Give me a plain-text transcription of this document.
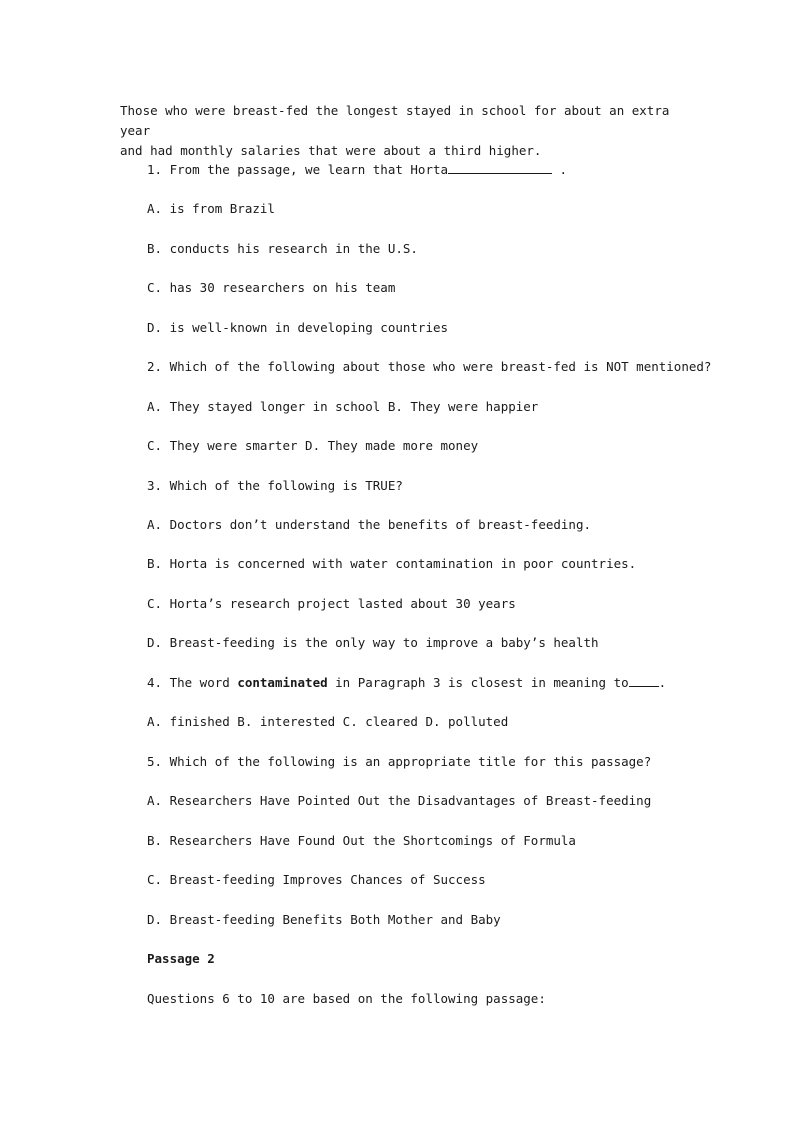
Those who were breast-fed the longest stayed in school for about an extra year
and had monthly salaries that were about a third higher.
1. From the passage, we learn that Horta	.
A. is from Brazil
B. conducts his research in the U.S.
C. has 30 researchers on his team
D. is well-known in developing countries
2. Which of the following about those who were breast-fed is NOT mentioned?
A. They stayed longer in school B. They were happier
C. They were smarter D. They made more money
3. Which of the following is TRUE?
A. Doctors don’t understand the benefits of breast-feeding.
B. Horta is concerned with water contamination in poor countries.
C. Horta’s research project lasted about 30 years
D. Breast-feeding is the only way to improve a baby’s health
4. The word contaminated in Paragraph 3 is closest in meaning to .
A. finished B. interested C. cleared D. polluted
5. Which of the following is an appropriate title for this passage?
A. Researchers Have Pointed Out the Disadvantages of Breast-feeding
B. Researchers Have Found Out the Shortcomings of Formula
C. Breast-feeding Improves Chances of Success
D. Breast-feeding Benefits Both Mother and Baby
Passage 2
Questions 6 to 10 are based on the following passage:
